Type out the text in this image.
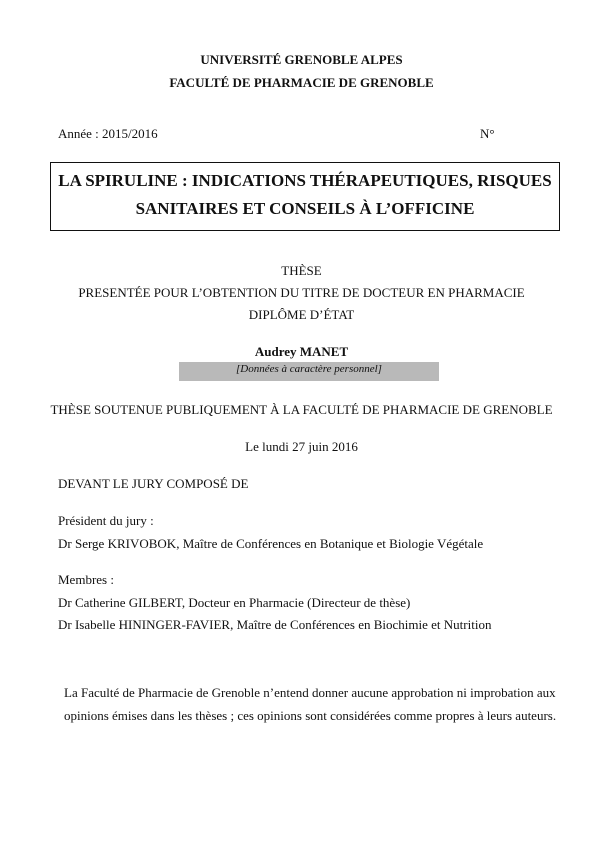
UNIVERSITÉ GRENOBLE ALPES
FACULTÉ DE PHARMACIE DE GRENOBLE
Année : 2015/2016	N°
LA SPIRULINE : INDICATIONS THÉRAPEUTIQUES, RISQUES
SANITAIRES ET CONSEILS À L’OFFICINE
THÈSE
PRESENTÉE POUR L’OBTENTION DU TITRE DE DOCTEUR EN PHARMACIE
DIPLÔME D’ÉTAT
Audrey MANET
[Données à caractère personnel]
THÈSE SOUTENUE PUBLIQUEMENT À LA FACULTÉ DE PHARMACIE DE GRENOBLE
Le lundi 27 juin 2016
DEVANT LE JURY COMPOSÉ DE
Président du jury :
Dr Serge KRIVOBOK, Maître de Conférences en Botanique et Biologie Végétale
Membres :
Dr Catherine GILBERT, Docteur en Pharmacie (Directeur de thèse)
Dr Isabelle HININGER-FAVIER, Maître de Conférences en Biochimie et Nutrition
La Faculté de Pharmacie de Grenoble n’entend donner aucune approbation ni improbation aux
opinions émises dans les thèses ; ces opinions sont considérées comme propres à leurs auteurs.
